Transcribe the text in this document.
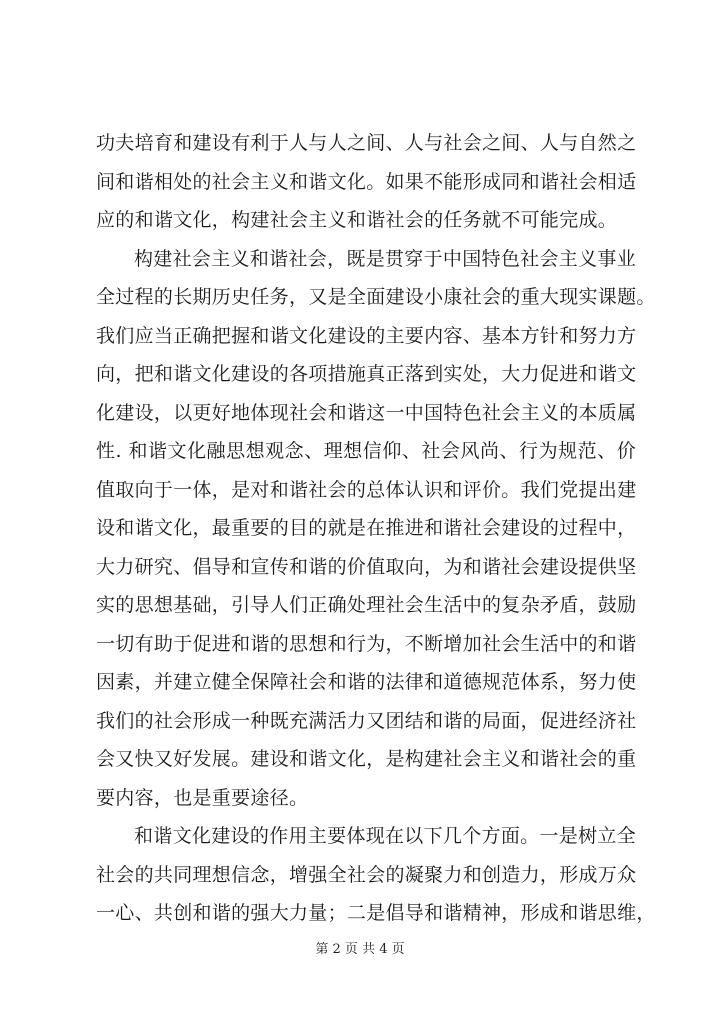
功夫培育和建设有利于人与人之间、人与社会之间、人与自然之
间和谐相处的社会主义和谐文化。如果不能形成同和谐社会相适
应的和谐文化，构建社会主义和谐社会的任务就不可能完成。
构建社会主义和谐社会，既是贯穿于中国特色社会主义事业
全过程的长期历史任务，又是全面建设小康社会的重大现实课题。
我们应当正确把握和谐文化建设的主要内容、基本方针和努力方
向，把和谐文化建设的各项措施真正落到实处，大力促进和谐文
化建设，以更好地体现社会和谐这一中国特色社会主义的本质属
性. 和谐文化融思想观念、理想信仰、社会风尚、行为规范、价
值取向于一体，是对和谐社会的总体认识和评价。我们党提出建
设和谐文化，最重要的目的就是在推进和谐社会建设的过程中，
大力研究、倡导和宣传和谐的价值取向，为和谐社会建设提供坚
实的思想基础，引导人们正确处理社会生活中的复杂矛盾，鼓励
一切有助于促进和谐的思想和行为，不断增加社会生活中的和谐
因素，并建立健全保障社会和谐的法律和道德规范体系，努力使
我们的社会形成一种既充满活力又团结和谐的局面，促进经济社
会又快又好发展。建设和谐文化，是构建社会主义和谐社会的重
要内容，也是重要途径。
和谐文化建设的作用主要体现在以下几个方面。一是树立全
社会的共同理想信念，增强全社会的凝聚力和创造力，形成万众
一心、共创和谐的强大力量；二是倡导和谐精神，形成和谐思维，
第 2 页 共 4 页
